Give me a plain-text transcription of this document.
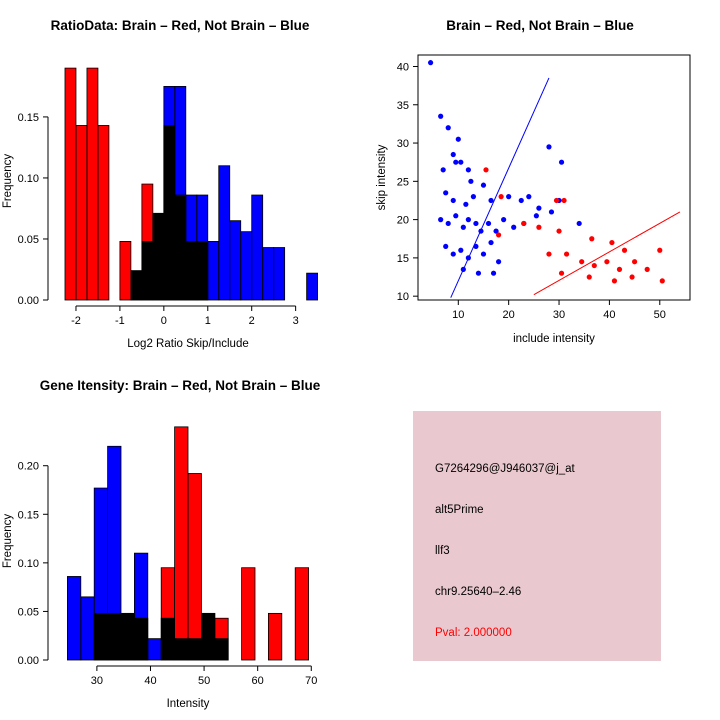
RatioData: Brain – Red, Not Brain – Blue
0.00
0.05
0.10
0.15
-2	-1	0	1	2	3
Log2 Ratio Skip/Include
Frequency
Brain – Red, Not Brain – Blue
10	20	30	40	50
10
15
20
25
30
35
40
include intensity
skip intensity
Gene Itensity: Brain – Red, Not Brain – Blue
0.00
0.05
0.10
0.15
0.20
30	40	50	60	70
Intensity
Frequency
G7264296@J946037@j_at
alt5Prime
llf3
chr9.25640–2.46
Pval: 2.000000
